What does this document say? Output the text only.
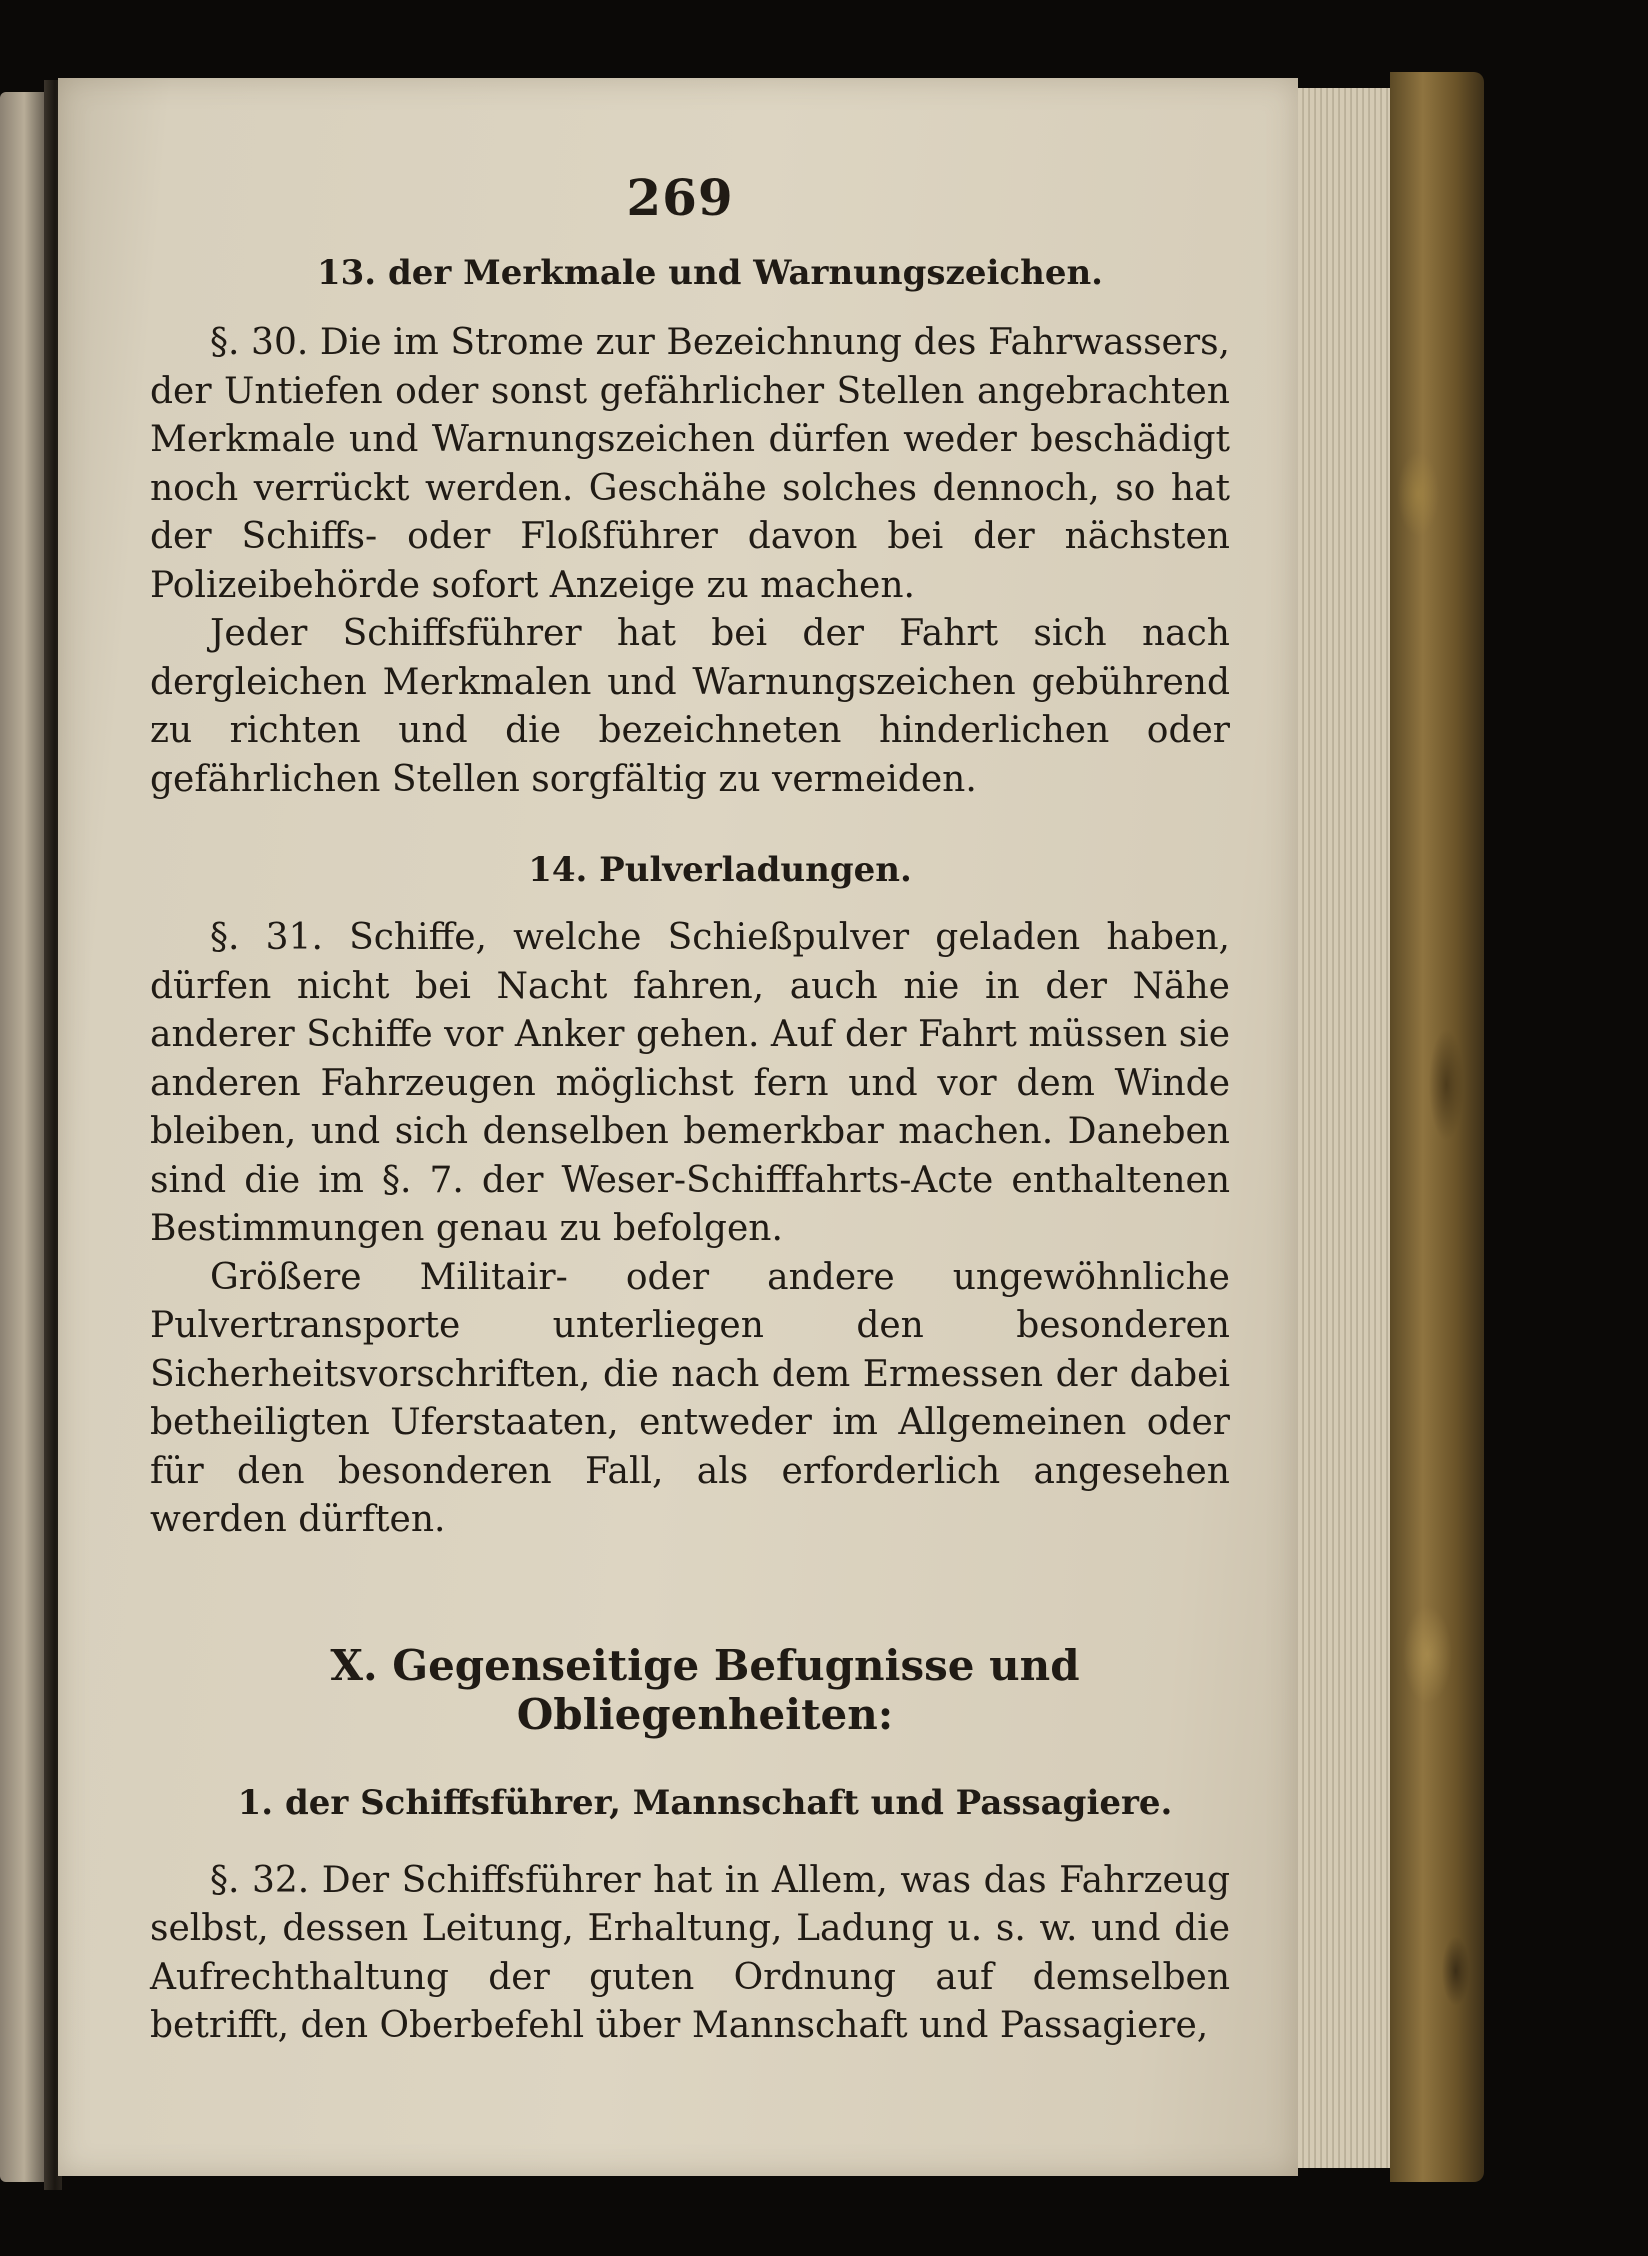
269
13. der Merkmale und Warnungszeichen.

§. 30. Die im Strome zur Bezeichnung des Fahrwassers, der Untiefen oder sonst gefährlicher Stellen angebrachten Merkmale und Warnungszeichen dürfen weder beschädigt noch verrückt werden. Geschähe solches dennoch, so hat der Schiffs- oder Floßführer davon bei der nächsten Polizeibehörde sofort Anzeige zu machen.

Jeder Schiffsführer hat bei der Fahrt sich nach dergleichen Merkmalen und Warnungszeichen gebührend zu richten und die bezeichneten hinderlichen oder gefährlichen Stellen sorgfältig zu vermeiden.

14. Pulverladungen.

§. 31. Schiffe, welche Schießpulver geladen haben, dürfen nicht bei Nacht fahren, auch nie in der Nähe anderer Schiffe vor Anker gehen. Auf der Fahrt müssen sie anderen Fahrzeugen möglichst fern und vor dem Winde bleiben, und sich denselben bemerkbar machen. Daneben sind die im §. 7. der Weser-Schifffahrts-Acte enthaltenen Bestimmungen genau zu befolgen.

Größere Militair- oder andere ungewöhnliche Pulvertransporte unterliegen den besonderen Sicherheitsvorschriften, die nach dem Ermessen der dabei betheiligten Uferstaaten, entweder im Allgemeinen oder für den besonderen Fall, als erforderlich angesehen werden dürften.

X. Gegenseitige Befugnisse und Obliegenheiten:
1. der Schiffsführer, Mannschaft und Passagiere.

§. 32. Der Schiffsführer hat in Allem, was das Fahrzeug selbst, dessen Leitung, Erhaltung, Ladung u. s. w. und die Aufrechthaltung der guten Ordnung auf demselben betrifft, den Oberbefehl über Mannschaft und Passagiere,
